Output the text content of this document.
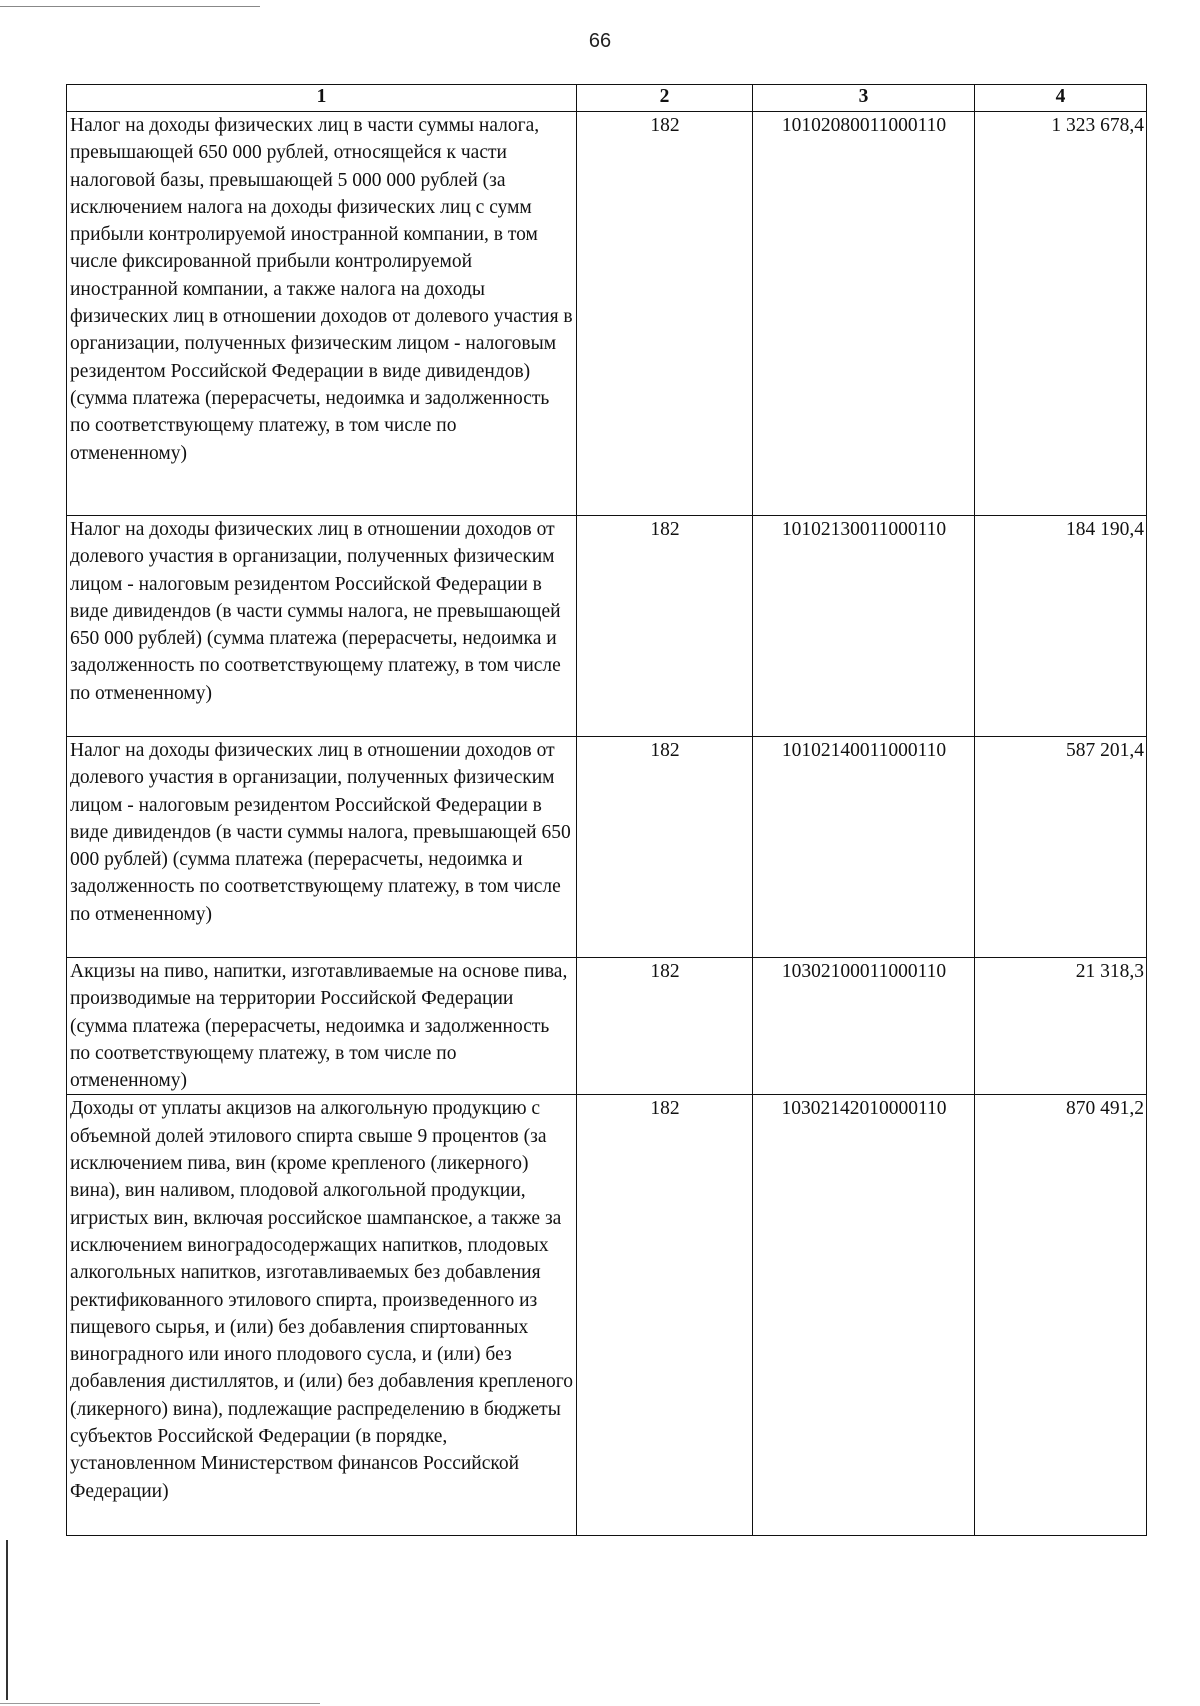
66
1	2	3	4
Налог на доходы физических лиц в части суммы налога, превышающей 650 000 рублей, относящейся к части налоговой базы, превышающей 5 000 000 рублей (за исключением налога на доходы физических лиц с сумм прибыли контролируемой иностранной компании, в том числе фиксированной прибыли контролируемой иностранной компании, а также налога на доходы физических лиц в отношении доходов от долевого участия в организации, полученных физическим лицом - налоговым резидентом Российской Федерации в виде дивидендов) (сумма платежа (перерасчеты, недоимка и задолженность по соответствующему платежу, в том числе по отмененному)	182	10102080011000110	1 323 678,4
Налог на доходы физических лиц в отношении доходов от долевого участия в организации, полученных физическим лицом - налоговым резидентом Российской Федерации в виде дивидендов (в части суммы налога, не превышающей 650 000 рублей) (сумма платежа (перерасчеты, недоимка и задолженность по соответствующему платежу, в том числе по отмененному)	182	10102130011000110	184 190,4
Налог на доходы физических лиц в отношении доходов от долевого участия в организации, полученных физическим лицом - налоговым резидентом Российской Федерации в виде дивидендов (в части суммы налога, превышающей 650 000 рублей) (сумма платежа (перерасчеты, недоимка и задолженность по соответствующему платежу, в том числе по отмененному)	182	10102140011000110	587 201,4
Акцизы на пиво, напитки, изготавливаемые на основе пива, производимые на территории Российской Федерации (сумма платежа (перерасчеты, недоимка и задолженность по соответствующему платежу, в том числе по отмененному)	182	10302100011000110	21 318,3
Доходы от уплаты акцизов на алкогольную продукцию с объемной долей этилового спирта свыше 9 процентов (за исключением пива, вин (кроме крепленого (ликерного) вина), вин наливом, плодовой алкогольной продукции, игристых вин, включая российское шампанское, а также за исключением виноградосодержащих напитков, плодовых алкогольных напитков, изготавливаемых без добавления ректификованного этилового спирта, произведенного из пищевого сырья, и (или) без добавления спиртованных виноградного или иного плодового сусла, и (или) без добавления дистиллятов, и (или) без добавления крепленого (ликерного) вина), подлежащие распределению в бюджеты субъектов Российской Федерации (в порядке, установленном Министерством финансов Российской Федерации)	182	10302142010000110	870 491,2
